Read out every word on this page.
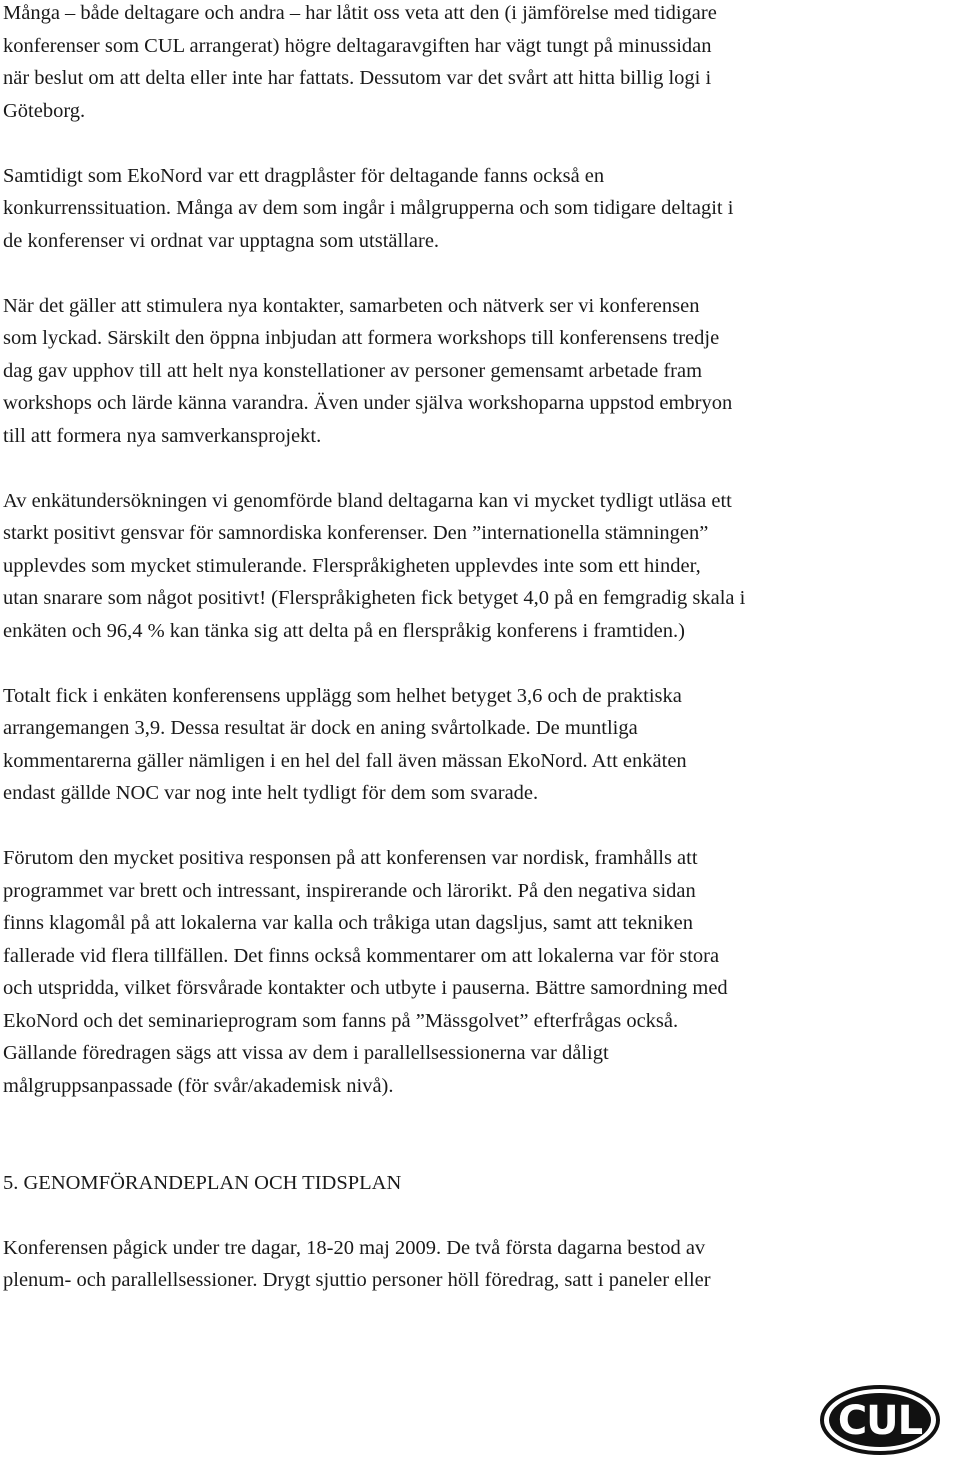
Många – både deltagare och andra – har låtit oss veta att den (i jämförelse med tidigare
konferenser som CUL arrangerat) högre deltagaravgiften har vägt tungt på minussidan
när beslut om att delta eller inte har fattats. Dessutom var det svårt att hitta billig logi i
Göteborg.

Samtidigt som EkoNord var ett dragplåster för deltagande fanns också en
konkurrenssituation. Många av dem som ingår i målgrupperna och som tidigare deltagit i
de konferenser vi ordnat var upptagna som utställare.

När det gäller att stimulera nya kontakter, samarbeten och nätverk ser vi konferensen
som lyckad. Särskilt den öppna inbjudan att formera workshops till konferensens tredje
dag gav upphov till att helt nya konstellationer av personer gemensamt arbetade fram
workshops och lärde känna varandra. Även under själva workshoparna uppstod embryon
till att formera nya samverkansprojekt.

Av enkätundersökningen vi genomförde bland deltagarna kan vi mycket tydligt utläsa ett
starkt positivt gensvar för samnordiska konferenser. Den ”internationella stämningen”
upplevdes som mycket stimulerande. Flerspråkigheten upplevdes inte som ett hinder,
utan snarare som något positivt! (Flerspråkigheten fick betyget 4,0 på en femgradig skala i
enkäten och 96,4 % kan tänka sig att delta på en flerspråkig konferens i framtiden.)

Totalt fick i enkäten konferensens upplägg som helhet betyget 3,6 och de praktiska
arrangemangen 3,9. Dessa resultat är dock en aning svårtolkade. De muntliga
kommentarerna gäller nämligen i en hel del fall även mässan EkoNord. Att enkäten
endast gällde NOC var nog inte helt tydligt för dem som svarade.

Förutom den mycket positiva responsen på att konferensen var nordisk, framhålls att
programmet var brett och intressant, inspirerande och lärorikt. På den negativa sidan
finns klagomål på att lokalerna var kalla och tråkiga utan dagsljus, samt att tekniken
fallerade vid flera tillfällen. Det finns också kommentarer om att lokalerna var för stora
och utspridda, vilket försvårade kontakter och utbyte i pauserna. Bättre samordning med
EkoNord och det seminarieprogram som fanns på ”Mässgolvet” efterfrågas också.
Gällande föredragen sägs att vissa av dem i parallellsessionerna var dåligt
målgruppsanpassade (för svår/akademisk nivå).

5. GENOMFÖRANDEPLAN OCH TIDSPLAN

Konferensen pågick under tre dagar, 18-20 maj 2009. De två första dagarna bestod av
plenum- och parallellsessioner. Drygt sjuttio personer höll föredrag, satt i paneler eller

CUL
